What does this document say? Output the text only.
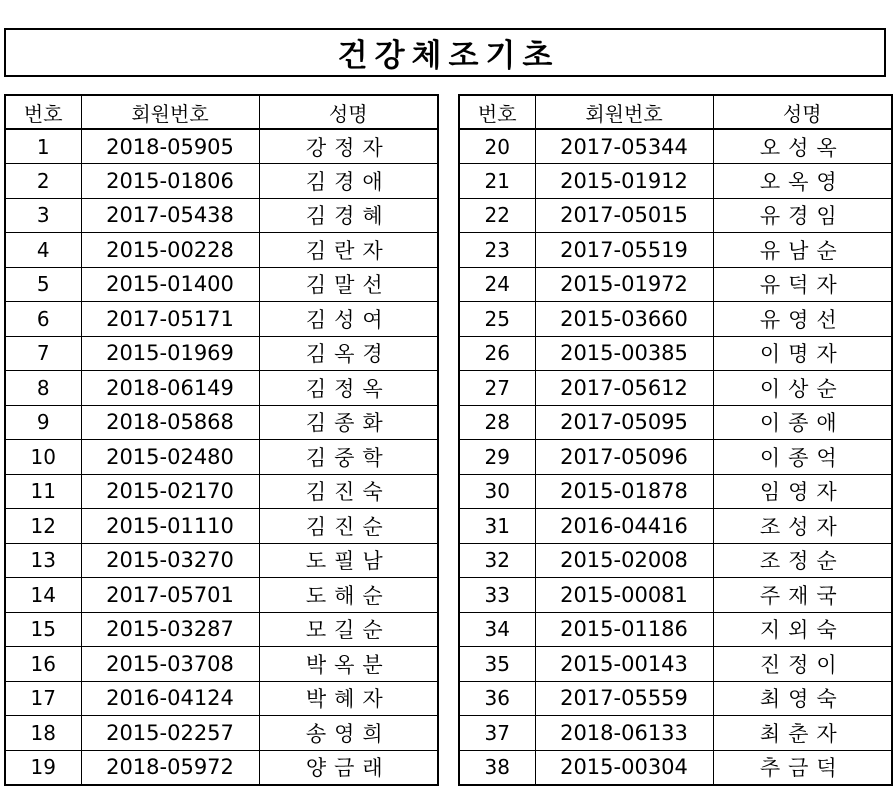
건강체조기초
번호	회원번호	성명
1	2018-05905	강정자
2	2015-01806	김경애
3	2017-05438	김경혜
4	2015-00228	김란자
5	2015-01400	김말선
6	2017-05171	김성여
7	2015-01969	김옥경
8	2018-06149	김정옥
9	2018-05868	김종화
10	2015-02480	김중학
11	2015-02170	김진숙
12	2015-01110	김진순
13	2015-03270	도필남
14	2017-05701	도해순
15	2015-03287	모길순
16	2015-03708	박옥분
17	2016-04124	박혜자
18	2015-02257	송영희
19	2018-05972	양금래
번호	회원번호	성명
20	2017-05344	오성옥
21	2015-01912	오옥영
22	2017-05015	유경임
23	2017-05519	유남순
24	2015-01972	유덕자
25	2015-03660	유영선
26	2015-00385	이명자
27	2017-05612	이상순
28	2017-05095	이종애
29	2017-05096	이종억
30	2015-01878	임영자
31	2016-04416	조성자
32	2015-02008	조정순
33	2015-00081	주재국
34	2015-01186	지외숙
35	2015-00143	진정이
36	2017-05559	최영숙
37	2018-06133	최춘자
38	2015-00304	추금덕
